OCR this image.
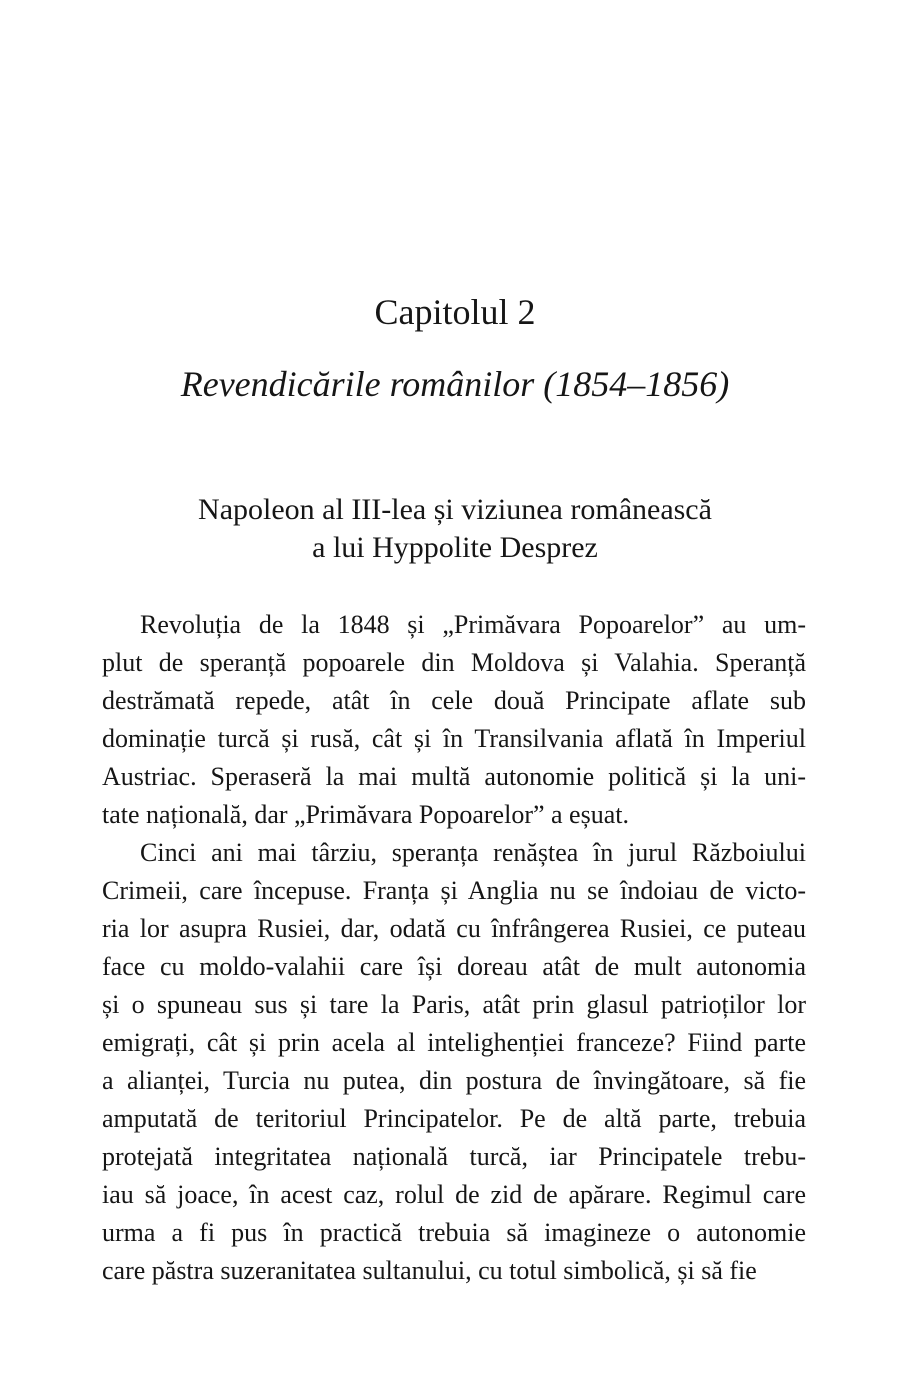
Capitolul 2
Revendicările românilor (1854–1856)
Napoleon al III-lea și viziunea românească
a lui Hyppolite Desprez
Revoluția de la 1848 și „Primăvara Popoarelor” au um-
plut de speranță popoarele din Moldova și Valahia. Speranță
destrămată repede, atât în cele două Principate aflate sub
dominație turcă și rusă, cât și în Transilvania aflată în Imperiul
Austriac. Speraseră la mai multă autonomie politică și la uni-
tate națională, dar „Primăvara Popoarelor” a eșuat.
Cinci ani mai târziu, speranța renăștea în jurul Războiului
Crimeii, care începuse. Franța și Anglia nu se îndoiau de victo-
ria lor asupra Rusiei, dar, odată cu înfrângerea Rusiei, ce puteau
face cu moldo-valahii care își doreau atât de mult autonomia
și o spuneau sus și tare la Paris, atât prin glasul patrioților lor
emigrați, cât și prin acela al intelighenției franceze? Fiind parte
a alianței, Turcia nu putea, din postura de învingătoare, să fie
amputată de teritoriul Principatelor. Pe de altă parte, trebuia
protejată integritatea națională turcă, iar Principatele trebu-
iau să joace, în acest caz, rolul de zid de apărare. Regimul care
urma a fi pus în practică trebuia să imagineze o autonomie
care păstra suzeranitatea sultanului, cu totul simbolică, și să fie
